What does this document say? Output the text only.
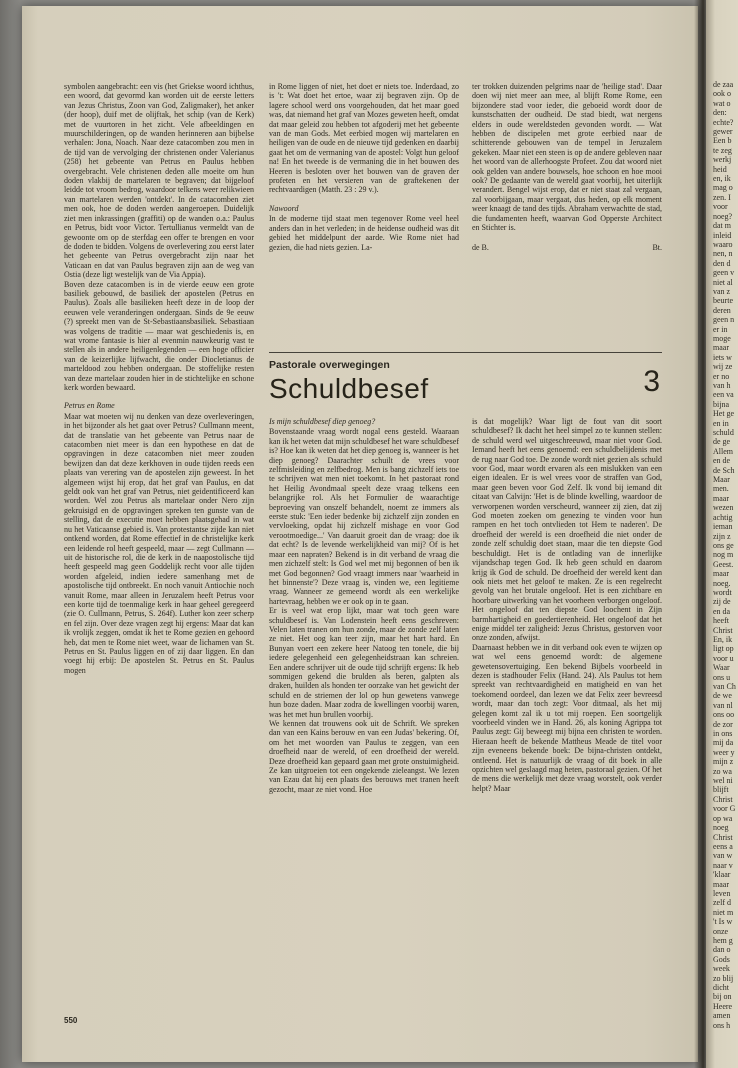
symbolen aangebracht: een vis (het Griekse woord ichthus, een woord, dat gevormd kan worden uit de eerste letters van Jezus Christus, Zoon van God, Zaligmaker), het anker (der hoop), duif met de olijftak, het schip (van de Kerk) met de vuurtoren in het zicht. Vele afbeeldingen en muurschilderingen, op de wanden herinneren aan bijbelse verhalen: Jona, Noach. Naar deze catacomben zou men in de tijd van de vervolging der christenen onder Valerianus (258) het gebeente van Petrus en Paulus hebben overgebracht. Vele christenen deden alle moeite om hun doden vlakbij de martelaren te begraven; dat bijgeloof leidde tot vroom bedrog, waardoor telkens weer relikwieen van martelaren werden 'ontdekt'. In de catacomben ziet men ook, hoe de doden werden aangeroepen. Duidelijk ziet men inkrassingen (graffiti) op de wanden o.a.: Paulus en Petrus, bidt voor Victor. Tertullianus vermeldt van de gewoonte om op de sterfdag een offer te brengen en voor de doden te bidden. Volgens de overlevering zou eerst later het gebeente van Petrus overgebracht zijn naar het Vaticaan en dat van Paulus begraven zijn aan de weg van Ostia (deze ligt westelijk van de Via Appia).

Boven deze catacomben is in de vierde eeuw een grote basiliek gebouwd, de basiliek der apostelen (Petrus en Paulus). Zoals alle basilieken heeft deze in de loop der eeuwen vele veranderingen ondergaan. Sinds de 9e eeuw (?) spreekt men van de St-Sebastiaansbasiliek. Sebastiaan was volgens de traditie — maar wat geschiedenis is, en wat vrome fantasie is hier al evenmin nauwkeurig vast te stellen als in andere heiligenlegenden — een hoge officier van de keizerlijke lijfwacht, die onder Diocletianus de marteldood zou hebben ondergaan. De stoffelijke resten van deze martelaar zouden hier in de stichtelijke en schone kerk worden bewaard.

Petrus en Rome

Maar wat moeten wij nu denken van deze overleveringen, in het bijzonder als het gaat over Petrus? Cullmann meent, dat de translatie van het gebeente van Petrus naar de catacomben niet meer is dan een hypothese en dat de opgravingen in deze catacomben niet meer zouden bewijzen dan dat deze kerkhoven in oude tijden reeds een plaats van verering van de apostelen zijn geweest. In het algemeen wijst hij erop, dat het graf van Paulus, en dat geldt ook van het graf van Petrus, niet geidentificeerd kan worden. Wel zou Petrus als martelaar onder Nero zijn gekruisigd en de opgravingen spreken ten gunste van de stelling, dat de executie moet hebben plaatsgehad in wat nu het Vaticaanse gebied is. Van protestantse zijde kan niet ontkend worden, dat Rome effectief in de christelijke kerk een leidende rol heeft gespeeld, maar — zegt Cullmann — uit de historische rol, die de kerk in de naapostolische tijd heeft gespeeld mag geen Goddelijk recht voor alle tijden worden afgeleid, indien iedere samenhang met de apostolische tijd ontbreekt. En noch vanuit Antiochie noch vanuit Rome, maar alleen in Jeruzalem heeft Petrus voor een korte tijd de toenmalige kerk in haar geheel geregeerd (zie O. Cullmann, Petrus, S. 264f). Luther kon zeer scherp en fel zijn. Over deze vragen zegt hij ergens: Maar dat kan ik vrolijk zeggen, omdat ik het te Rome gezien en gehoord heb, dat men te Rome niet weet, waar de lichamen van St. Petrus en St. Paulus liggen en of zij daar liggen. En dan voegt hij erbij: De apostelen St. Petrus en St. Paulus mogen

in Rome liggen of niet, het doet er niets toe. Inderdaad, zo is 't: Wat doet het ertoe, waar zij begraven zijn. Op de lagere school werd ons voorgehouden, dat het maar goed was, dat niemand het graf van Mozes geweten heeft, omdat dat maar geleid zou hebben tot afgoderij met het gebeente van de man Gods. Met eerbied mogen wij martelaren en heiligen van de oude en de nieuwe tijd gedenken en daarbij gaat het om de vermaning van de apostel: Volgt hun geloof na! En het tweede is de vermaning die in het bouwen des Heeren is besloten over het bouwen van de graven der profeten en het versieren van de graftekenen der rechtvaardigen (Matth. 23 : 29 v.).

Nawoord

In de moderne tijd staat men tegenover Rome veel heel anders dan in het verleden; in de heidense oudheid was dit gebied het middelpunt der aarde. Wie Rome niet had gezien, die had niets gezien. La-

ter trokken duizenden pelgrims naar de 'heilige stad'. Daar doen wij niet meer aan mee, al blijft Rome Rome, een bijzondere stad voor ieder, die geboeid wordt door de kunstschatten der oudheid. De stad biedt, wat nergens elders in oude wereldsteden gevonden wordt. — Wat hebben de discipelen met grote eerbied naar de schitterende gebouwen van de tempel in Jeruzalem gekeken. Maar niet een steen is op de andere gebleven naar het woord van de allerhoogste Profeet. Zou dat woord niet ook gelden van andere bouwsels, hoe schoon en hoe mooi ook? De gedaante van de wereld gaat voorbij, het uiterlijk verandert. Bengel wijst erop, dat er niet staat zal vergaan, zal voorbijgaan, maar vergaat, dus heden, op elk moment weer knaagt de tand des tijds. Abraham verwachtte de stad, die fundamenten heeft, waarvan God Opperste Architect en Stichter is.

de B.	Bt.
Pastorale overwegingen
Schuldbesef	3
Is mijn schuldbesef diep genoeg?

Bovenstaande vraag wordt nogal eens gesteld. Waaraan kan ik het weten dat mijn schuldbesef het ware schuldbesef is? Hoe kan ik weten dat het diep genoeg is, wanneer is het diep genoeg? Daarachter schuilt de vrees voor zelfmisleiding en zelfbedrog. Men is bang zichzelf iets toe te schrijven wat men niet toekomt. In het pastoraat rond het Heilig Avondmaal speelt deze vraag telkens een belangrijke rol. Als het Formulier de waarachtige beproeving van onszelf behandelt, noemt ze immers als eerste stuk: 'Een ieder bedenke bij zichzelf zijn zonden en vervloeking, opdat hij zichzelf mishage en voor God verootmoedige...' Van daaruit groeit dan de vraag: doe ik dat echt? Is de levende werkelijkheid van mij? Of is het maar een napraten? Bekend is in dit verband de vraag die men zichzelf stelt: Is God wel met mij begonnen of ben ik met God begonnen? God vraagt immers naar 'waarheid in het binnenste'? Deze vraag is, vinden we, een legitieme vraag. Wanneer ze gemeend wordt als een werkelijke hartevraag, hebben we er ook op in te gaan.

Er is veel wat erop lijkt, maar wat toch geen ware schuldbesef is. Van Lodenstein heeft eens geschreven: Velen laten tranen om hun zonde, maar de zonde zelf laten ze niet. Het oog kan teer zijn, maar het hart hard. En Bunyan voert een zekere heer Natoog ten tonele, die bij iedere gelegenheid een gelegenheidstraan kan schreien. Een andere schrijver uit de oude tijd schrijft ergens: Ik heb sommigen gekend die brulden als beren, galpten als draken, huilden als honden ter oorzake van het gewicht der schuld en de striemen der lol op hun gewetens vanwege hun boze daden. Maar zodra de kwellingen voorbij waren, was het met hun brullen voorbij.

We kennen dat trouwens ook uit de Schrift. We spreken dan van een Kains berouw en van een Judas' bekering. Of, om het met woorden van Paulus te zeggen, van een droefheid naar de wereld, of een droefheid der wereld. Deze droefheid kan gepaard gaan met grote onstuimigheid. Ze kan uitgroeien tot een ongekende zieleangst. We lezen van Ezau dat hij een plaats des berouws met tranen heeft gezocht, maar ze niet vond. Hoe

is dat mogelijk? Waar ligt de fout van dit soort schuldbesef? Ik dacht het heel simpel zo te kunnen stellen: de schuld werd wel uitgeschreeuwd, maar niet voor God. Iemand heeft het eens genoemd: een schuldbelijdenis met de rug naar God toe. De zonde wordt niet gezien als schuld voor God, maar wordt ervaren als een mislukken van een eigen idealen. Er is wel vrees voor de straffen van God, maar geen beven voor God Zelf. Ik vond bij iemand dit citaat van Calvijn: 'Het is de blinde kwelling, waardoor de verworpenen worden verscheurd, wanneer zij zien, dat zij God moeten zoeken om genezing te vinden voor hun rampen en het toch ontvlieden tot Hem te naderen'. De droefheid der wereld is een droefheid die niet onder de zonde zelf schuldig doet staan, maar die ten diepste God beschuldigt. Het is de ontlading van de innerlijke vijandschap tegen God. Ik heb geen schuld en daarom krijg ik God de schuld. De droefheid der wereld kent dan ook niets met het geloof te maken. Ze is een regelrecht gevolg van het brutale ongeloof. Het is een zichtbare en hoorbare uitwerking van het voorheen verborgen ongeloof. Het ongeloof dat ten diepste God loochent in Zijn barmhartigheid en goedertierenheid. Het ongeloof dat het enige middel ter zaligheid: Jezus Christus, gestorven voor onze zonden, afwijst.

Daarnaast hebben we in dit verband ook even te wijzen op wat wel eens genoemd wordt: de algemene gewetensovertuiging. Een bekend Bijbels voorbeeld in dezen is stadhouder Felix (Hand. 24). Als Paulus tot hem spreekt van rechtvaardigheid en matigheid en van het toekomend oordeel, dan lezen we dat Felix zeer bevreesd wordt, maar dan toch zegt: Voor ditmaal, als het mij gelegen komt zal ik u tot mij roepen. Een soortgelijk voorbeeld vinden we in Hand. 26, als koning Agrippa tot Paulus zegt: Gij beweegt mij bijna een christen te worden. Hieraan heeft de bekende Mattheus Meade de titel voor zijn eveneens bekende boek: De bijna-christen ontdekt, ontleend. Het is natuurlijk de vraag of dit boek in alle opzichten wel geslaagd mag heten, pastoraal gezien. Of het de mens die werkelijk met deze vraag worstelt, ook verder helpt? Maar

550

de zaa

ook o

wat o

den:

echte?

gewer

Een b

te zeg

werkj

heid

en, ik

mag o

zen. I

voor

noeg?

dat m

inleid

waaro

nen, n

den d

geen v

niet al

van z

beurte

deren

geen n

er in

moge

maar

iets w

wij ze

er no

van h

een va

bijna

Het ge

en in

schuld

de ge

Allem

en de

de Sch

Maar

men.

maar

wezen

achtig

ieman

zijn z

ons ge

nog m

Geest.

maar

noeg.

wordt

zij de

en da

heeft

Christ

En, ik

ligt op

voor u

Waar

ons u

van Ch

de we

van nl

ons oo

de zor

in ons

mij da

weer y

mijn z

zo wa

wel ni

blijft

Christ

voor G

op wa

noeg

Christ

eens a

van w

naar v

'klaar

maar

leven

zelf d

niet m

't Is w

onze

hem g

dan o

Gods

week

zo blij

dicht

bij on

Heere

amen

ons h
